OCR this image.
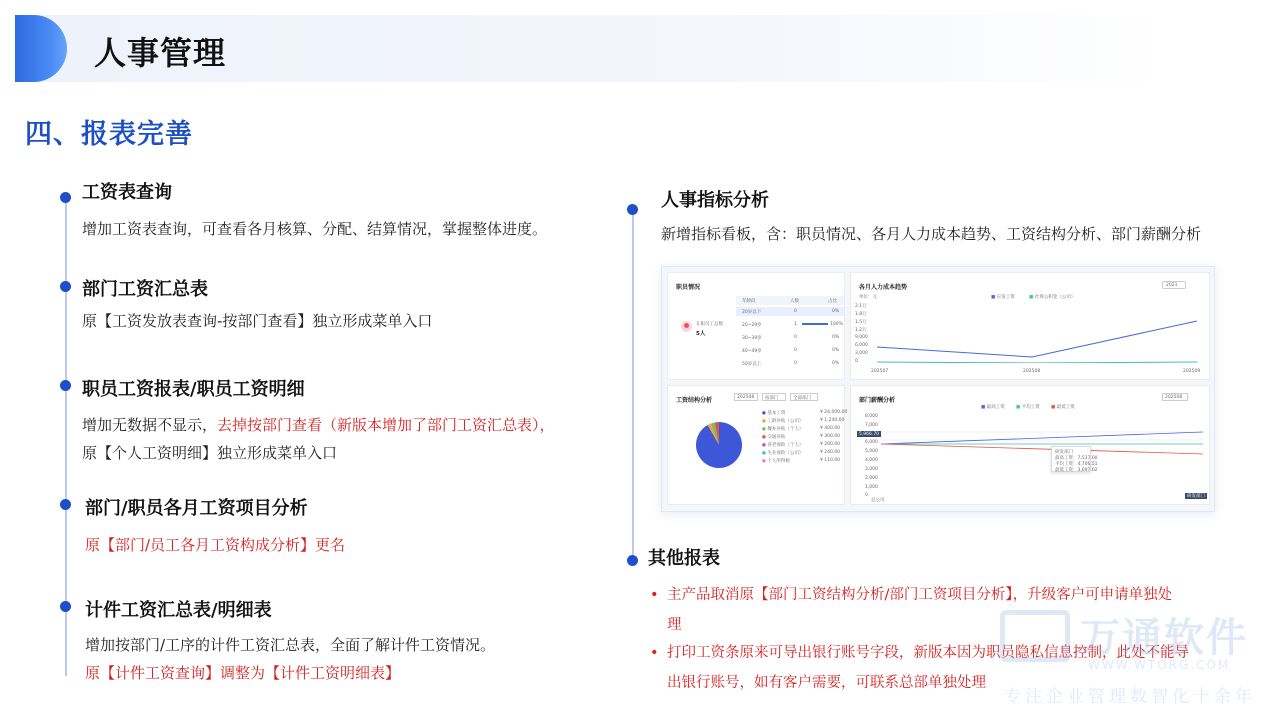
人事管理
四、报表完善
工资表查询
增加工资表查询，可查看各月核算、分配、结算情况，掌握整体进度。
部门工资汇总表
原【工资发放表查询-按部门查看】独立形成菜单入口
职员工资报表/职员工资明细
增加无数据不显示，去掉按部门查看（新版本增加了部门工资汇总表），
原【个人工资明细】独立形成菜单入口
部门/职员各月工资项目分析
原【部门/员工各月工资构成分析】更名
计件工资汇总表/明细表
增加按部门/工序的计件工资汇总表，全面了解计件工资情况。
原【计件工资查询】调整为【计件工资明细表】
人事指标分析
新增指标看板，含：职员情况、各月人力成本趋势、工资结构分析、部门薪酬分析
职员情况
在职员工总数
5人
年龄段	人数	占比
20岁以下	0	0%
20~29岁	1	100%
30~39岁	0	0%
40~49岁	0	0%
50岁以上	0	0%
各月人力成本趋势	2021
单位：元	■ 应发工资	■ 社保公积金（公司）
2.1万
1.8万
1.5万
1.2万
9,000
6,000
3,000
0
202507	202508	202509
工资结构分析	202508 按部门	全部部门
● 基本工资	¥ 24,000.00
● 工龄补贴（公司）	¥ 1,240.00
● 餐补补贴（个人）	¥ 400.00
● 交通补贴	¥ 300.00
● 养老保险（个人）	¥ 200.00
● 失业保险（公司）	¥ 240.00
● 个人所得税	¥ 110.00
部门薪酬分析	202508
■ 最高工资	■ 平均工资	■ 最低工资
8,000
7,000
5,966.70
6,000
5,000
4,000
3,000
2,000
1,000
0
研发部门
最高工资：7,537.00
平均工资：4,706.51
最低工资：3,697.02
总公司
研发部门
其他报表
• 主产品取消原【部门工资结构分析/部门工资项目分析】，升级客户可申请单独处
理
• 打印工资条原来可导出银行账号字段，新版本因为职员隐私信息控制，此处不能导
出银行账号，如有客户需要，可联系总部单独处理
万通软件
WWW.WTORG.COM
专注企业管理数智化十余年
